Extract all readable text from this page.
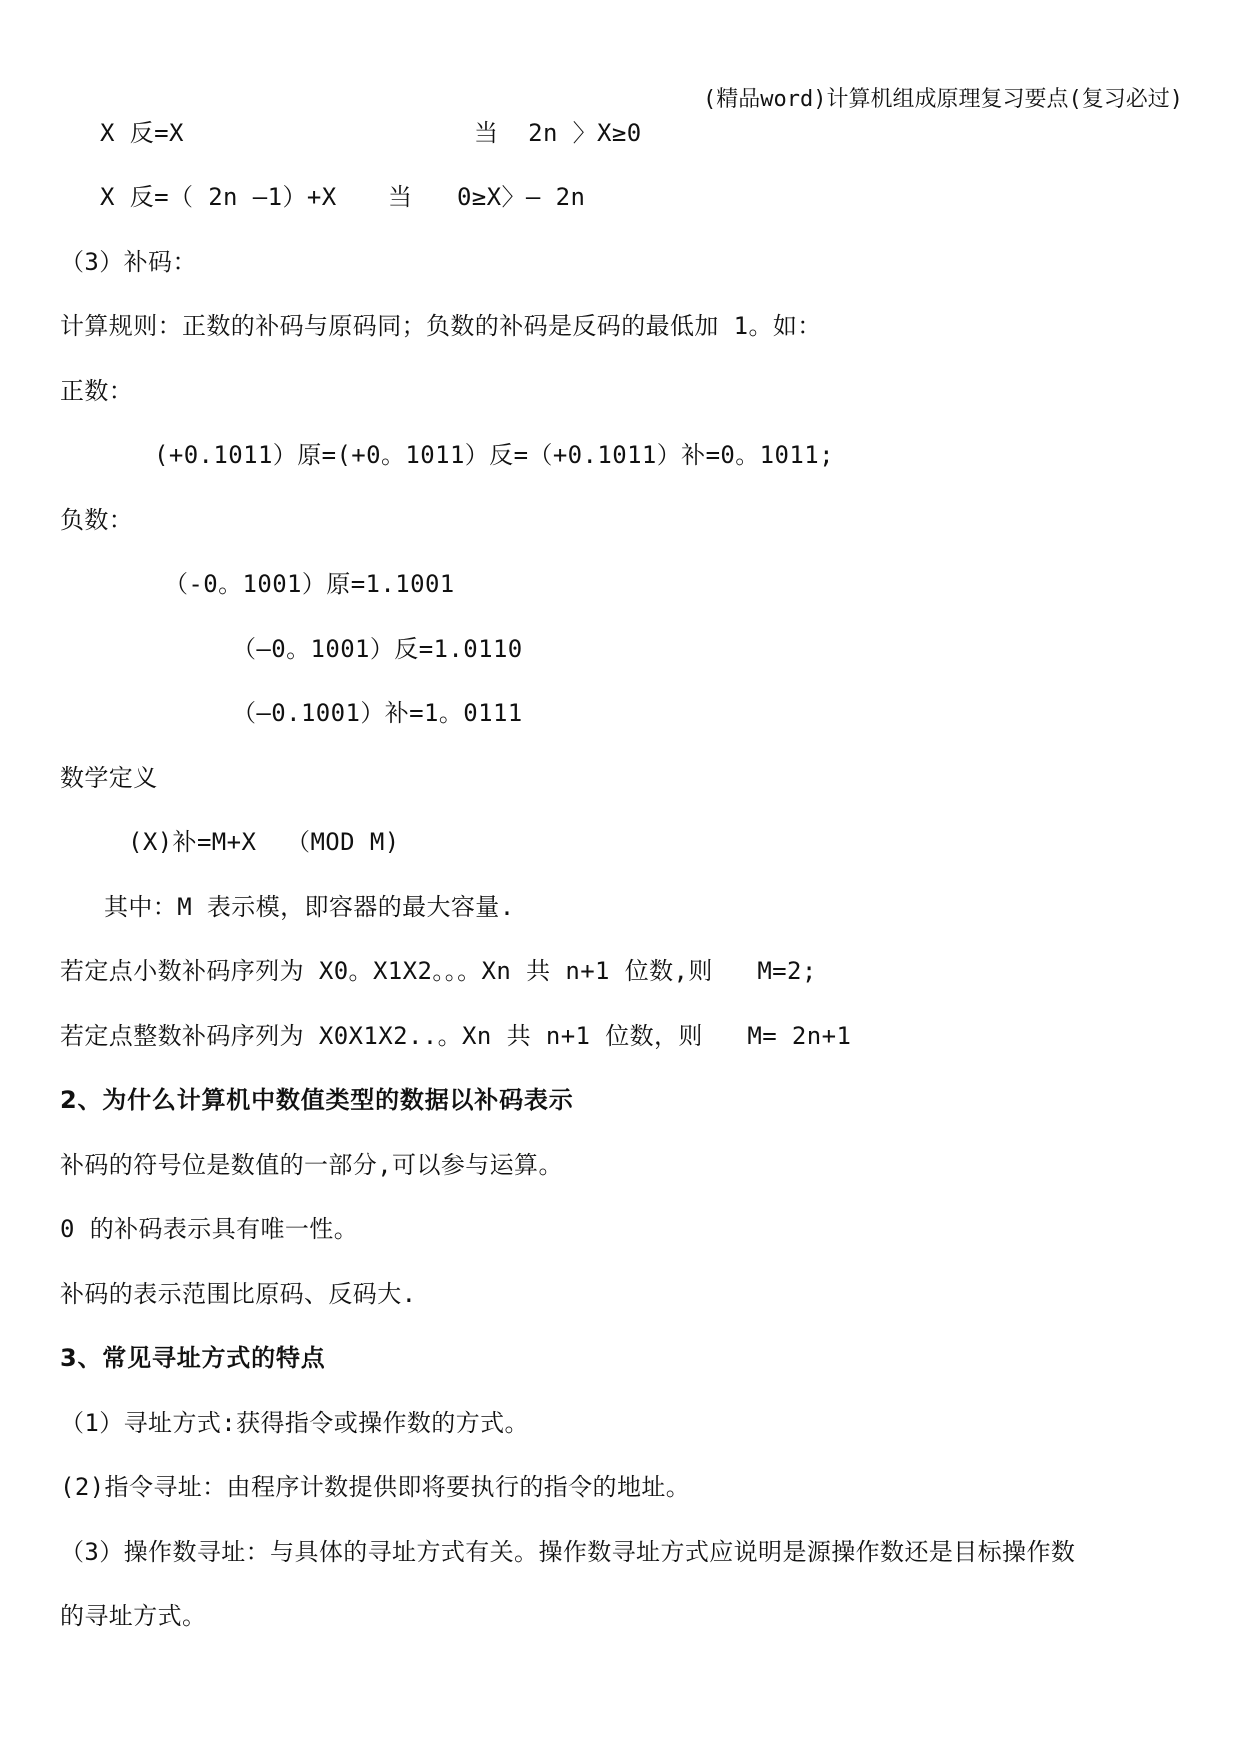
(精品word)计算机组成原理复习要点(复习必过)
X 反=X	当  2n 〉X≥0
X 反=（ 2n —1）+X 当   0≥X〉— 2n
（3）补码：
计算规则：正数的补码与原码同；负数的补码是反码的最低加 1。如：
正数：
(+0.1011）原=(+0。1011）反=（+0.1011）补=0。1011;
负数：
（-0。1001）原=1.1001
（—0。1001）反=1.0110
（—0.1001）补=1。0111
数学定义
(X)补=M+X  （MOD M)
其中：M 表示模，即容器的最大容量.
若定点小数补码序列为 X0。X1X2。。。Xn 共 n+1 位数,则   M=2;
若定点整数补码序列为 X0X1X2..。Xn 共 n+1 位数，则   M= 2n+1
2、为什么计算机中数值类型的数据以补码表示
补码的符号位是数值的一部分,可以参与运算。
0 的补码表示具有唯一性。
补码的表示范围比原码、反码大.
3、常见寻址方式的特点
（1）寻址方式:获得指令或操作数的方式。
(2)指令寻址：由程序计数提供即将要执行的指令的地址。
（3）操作数寻址：与具体的寻址方式有关。操作数寻址方式应说明是源操作数还是目标操作数
的寻址方式。
